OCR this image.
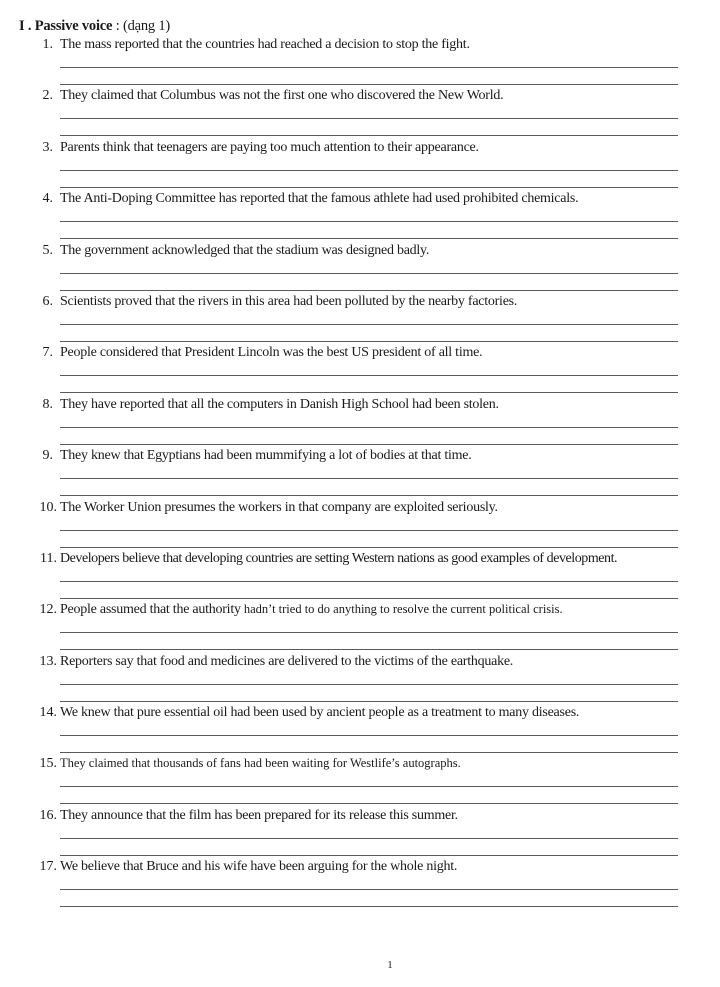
I . Passive voice : (dạng 1)
1. The mass reported that the countries had reached a decision to stop the fight.
2. They claimed that Columbus was not the first one who discovered the New World.
3. Parents think that teenagers are paying too much attention to their appearance.
4. The Anti-Doping Committee has reported that the famous athlete had used prohibited chemicals.
5. The government acknowledged that the stadium was designed badly.
6. Scientists proved that the rivers in this area had been polluted by the nearby factories.
7. People considered that President Lincoln was the best US president of all time.
8. They have reported that all the computers in Danish High School had been stolen.
9. They knew that Egyptians had been mummifying a lot of bodies at that time.
10. The Worker Union presumes the workers in that company are exploited seriously.
11. Developers believe that developing countries are setting Western nations as good examples of development.
12. People assumed that the authority hadn’t tried to do anything to resolve the current political crisis.
13. Reporters say that food and medicines are delivered to the victims of the earthquake.
14. We knew that pure essential oil had been used by ancient people as a treatment to many diseases.
15. They claimed that thousands of fans had been waiting for Westlife’s autographs.
16. They announce that the film has been prepared for its release this summer.
17. We believe that Bruce and his wife have been arguing for the whole night.
1
